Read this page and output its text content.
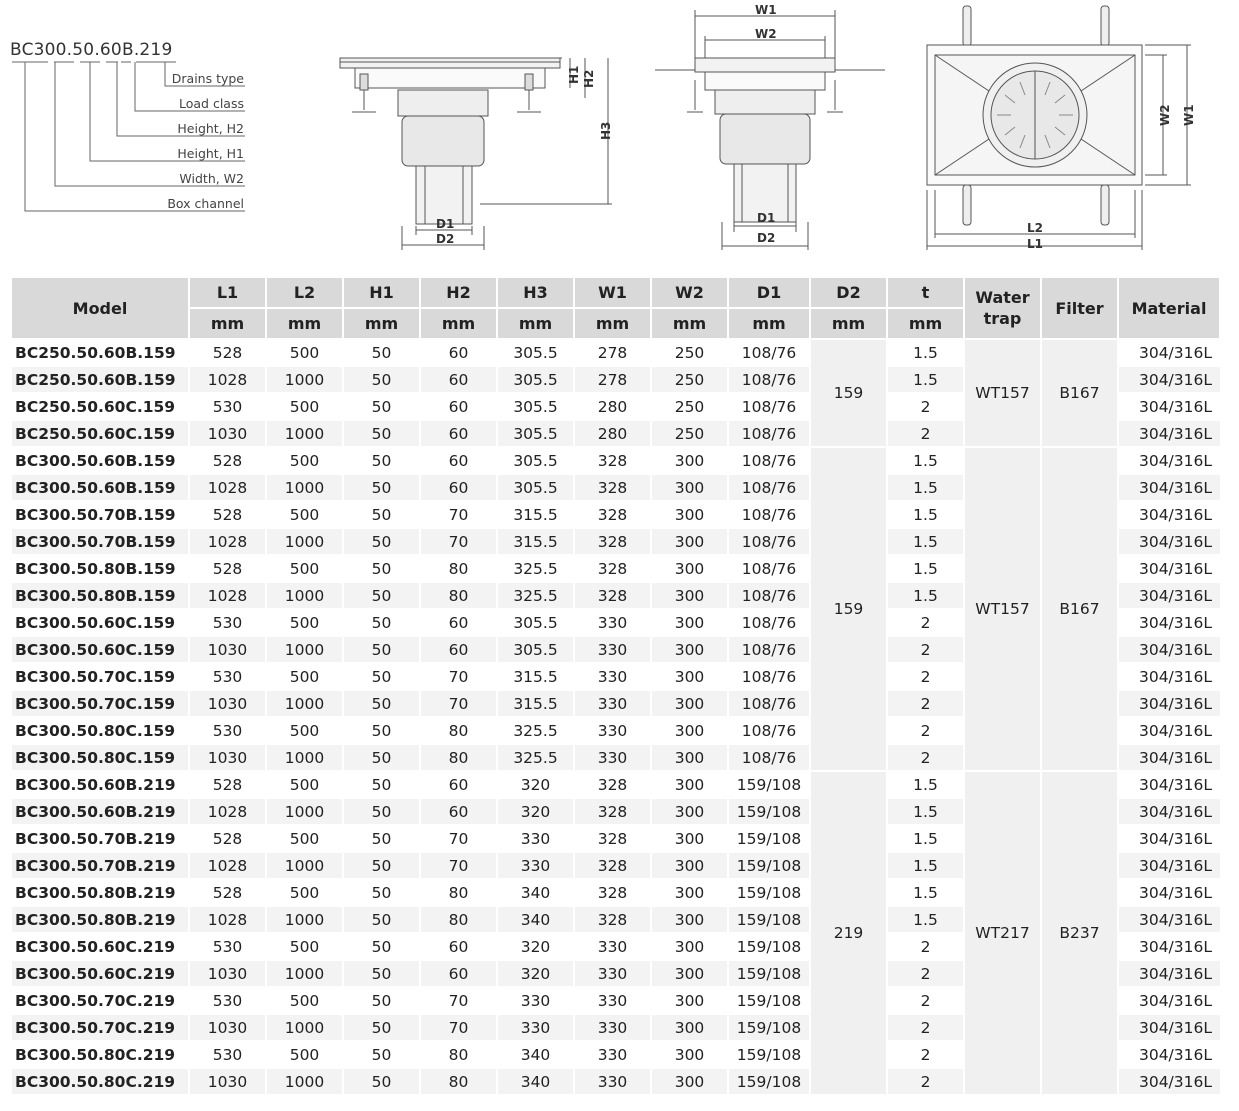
BC300.50.60B.219
Drains type
Load class
Height, H2
Height, H1
Width, W2
Box channel
H1 H2
H3
D1
D2
W1
W2
D1
D2
W2 W1
L2
L1
Model	L1	L2	H1	H2	H3	W1	W2	D1	D2	t	Water trap	Filter	Material
	mm	mm	mm	mm	mm	mm	mm	mm	mm	mm			
BC250.50.60B.159	528	500	50	60	305.5	278	250	108/76	159	1.5	WT157	B167	304/316L
BC250.50.60B.159	1028	1000	50	60	305.5	278	250	108/76		1.5			304/316L
BC250.50.60C.159	530	500	50	60	305.5	280	250	108/76		2			304/316L
BC250.50.60C.159	1030	1000	50	60	305.5	280	250	108/76		2			304/316L
BC300.50.60B.159	528	500	50	60	305.5	328	300	108/76	159	1.5	WT157	B167	304/316L
BC300.50.60B.159	1028	1000	50	60	305.5	328	300	108/76		1.5			304/316L
BC300.50.70B.159	528	500	50	70	315.5	328	300	108/76		1.5			304/316L
BC300.50.70B.159	1028	1000	50	70	315.5	328	300	108/76		1.5			304/316L
BC300.50.80B.159	528	500	50	80	325.5	328	300	108/76		1.5			304/316L
BC300.50.80B.159	1028	1000	50	80	325.5	328	300	108/76		1.5			304/316L
BC300.50.60C.159	530	500	50	60	305.5	330	300	108/76		2			304/316L
BC300.50.60C.159	1030	1000	50	60	305.5	330	300	108/76		2			304/316L
BC300.50.70C.159	530	500	50	70	315.5	330	300	108/76		2			304/316L
BC300.50.70C.159	1030	1000	50	70	315.5	330	300	108/76		2			304/316L
BC300.50.80C.159	530	500	50	80	325.5	330	300	108/76		2			304/316L
BC300.50.80C.159	1030	1000	50	80	325.5	330	300	108/76		2			304/316L
BC300.50.60B.219	528	500	50	60	320	328	300	159/108	219	1.5	WT217	B237	304/316L
BC300.50.60B.219	1028	1000	50	60	320	328	300	159/108		1.5			304/316L
BC300.50.70B.219	528	500	50	70	330	328	300	159/108		1.5			304/316L
BC300.50.70B.219	1028	1000	50	70	330	328	300	159/108		1.5			304/316L
BC300.50.80B.219	528	500	50	80	340	328	300	159/108		1.5			304/316L
BC300.50.80B.219	1028	1000	50	80	340	328	300	159/108		1.5			304/316L
BC300.50.60C.219	530	500	50	60	320	330	300	159/108		2			304/316L
BC300.50.60C.219	1030	1000	50	60	320	330	300	159/108		2			304/316L
BC300.50.70C.219	530	500	50	70	330	330	300	159/108		2			304/316L
BC300.50.70C.219	1030	1000	50	70	330	330	300	159/108		2			304/316L
BC300.50.80C.219	530	500	50	80	340	330	300	159/108		2			304/316L
BC300.50.80C.219	1030	1000	50	80	340	330	300	159/108		2			304/316L
